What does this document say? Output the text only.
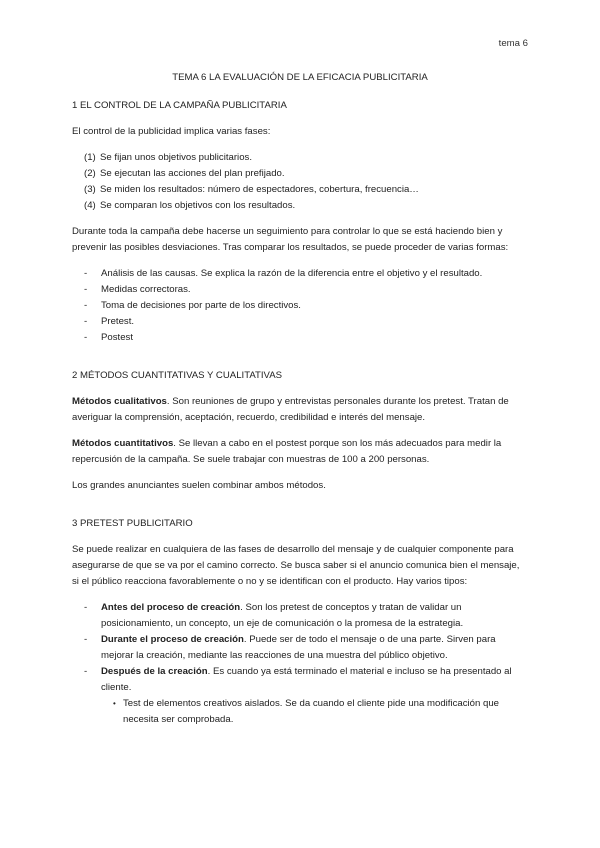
tema 6
TEMA 6 LA EVALUACIÓN DE LA EFICACIA PUBLICITARIA
1 EL CONTROL DE LA CAMPAÑA PUBLICITARIA

El control de la publicidad implica varias fases:

(1) Se fijan unos objetivos publicitarios.
(2) Se ejecutan las acciones del plan prefijado.
(3) Se miden los resultados: número de espectadores, cobertura, frecuencia…
(4) Se comparan los objetivos con los resultados.

Durante toda la campaña debe hacerse un seguimiento para controlar lo que se está haciendo bien y prevenir las posibles desviaciones. Tras comparar los resultados, se puede proceder de varias formas:

-	Análisis de las causas. Se explica la razón de la diferencia entre el objetivo y el resultado.
-	Medidas correctoras.
-	Toma de decisiones por parte de los directivos.
-	Pretest.
-	Postest
2 MÉTODOS CUANTITATIVAS Y CUALITATIVAS

Métodos cualitativos. Son reuniones de grupo y entrevistas personales durante los pretest. Tratan de averiguar la comprensión, aceptación, recuerdo, credibilidad e interés del mensaje.

Métodos cuantitativos. Se llevan a cabo en el postest porque son los más adecuados para medir la repercusión de la campaña. Se suele trabajar con muestras de 100 a 200 personas.

Los grandes anunciantes suelen combinar ambos métodos.

3 PRETEST PUBLICITARIO

Se puede realizar en cualquiera de las fases de desarrollo del mensaje y de cualquier componente para asegurarse de que se va por el camino correcto. Se busca saber si el anuncio comunica bien el mensaje, si el público reacciona favorablemente o no y se identifican con el producto. Hay varios tipos:

-	Antes del proceso de creación. Son los pretest de conceptos y tratan de validar un posicionamiento, un concepto, un eje de comunicación o la promesa de la estrategia.
-	Durante el proceso de creación. Puede ser de todo el mensaje o de una parte. Sirven para mejorar la creación, mediante las reacciones de una muestra del público objetivo.
-	Después de la creación. Es cuando ya está terminado el material e incluso se ha presentado al cliente.
• Test de elementos creativos aislados. Se da cuando el cliente pide una modificación que necesita ser comprobada.
